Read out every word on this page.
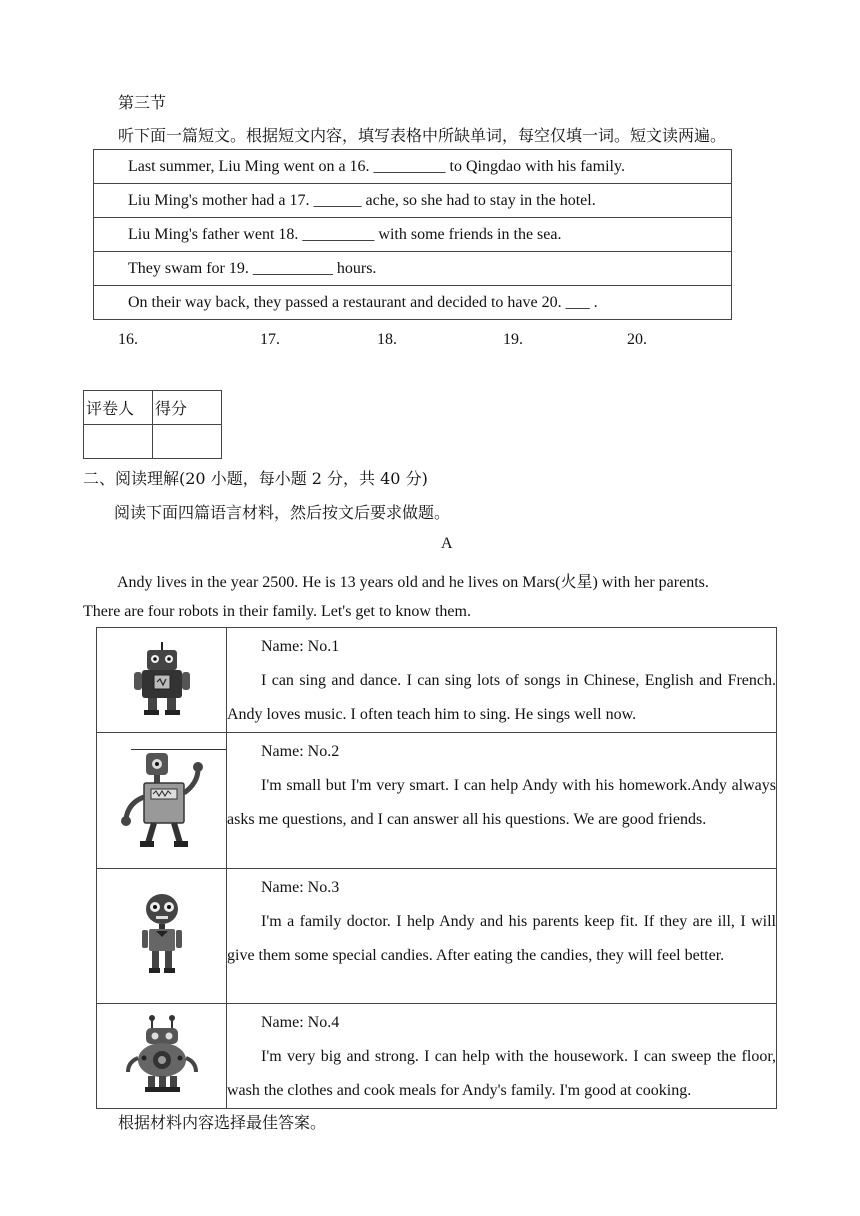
第三节
听下面一篇短文。根据短文内容，填写表格中所缺单词，每空仅填一词。短文读两遍。
Last summer, Liu Ming went on a 16. _________ to Qingdao with his family.
Liu Ming's mother had a 17. ______ ache, so she had to stay in the hotel.
Liu Ming's father went 18. _________ with some friends in the sea.
They swam for 19. __________ hours.
On their way back, they passed a restaurant and decided to have 20. ___ .
16.	17.	18.	19.	20.
评卷人	得分

二、阅读理解(20 小题，每小题 2 分，共 40 分)
阅读下面四篇语言材料，然后按文后要求做题。
A
Andy lives in the year 2500. He is 13 years old and he lives on Mars(火星) with her parents.
There are four robots in their family. Let's get to know them.

Name: No.1
I can sing and dance. I can sing lots of songs in Chinese, English and French. Andy loves music. I often teach him to sing. He sings well now.

Name: No.2
I'm small but I'm very smart. I can help Andy with his homework.Andy always asks me questions, and I can answer all his questions. We are good friends.

Name: No.3
I'm a family doctor. I help Andy and his parents keep fit. If they are ill, I will give them some special candies. After eating the candies, they will feel better.

Name: No.4
I'm very big and strong. I can help with the housework. I can sweep the floor, wash the clothes and cook meals for Andy's family. I'm good at cooking.
根据材料内容选择最佳答案。
